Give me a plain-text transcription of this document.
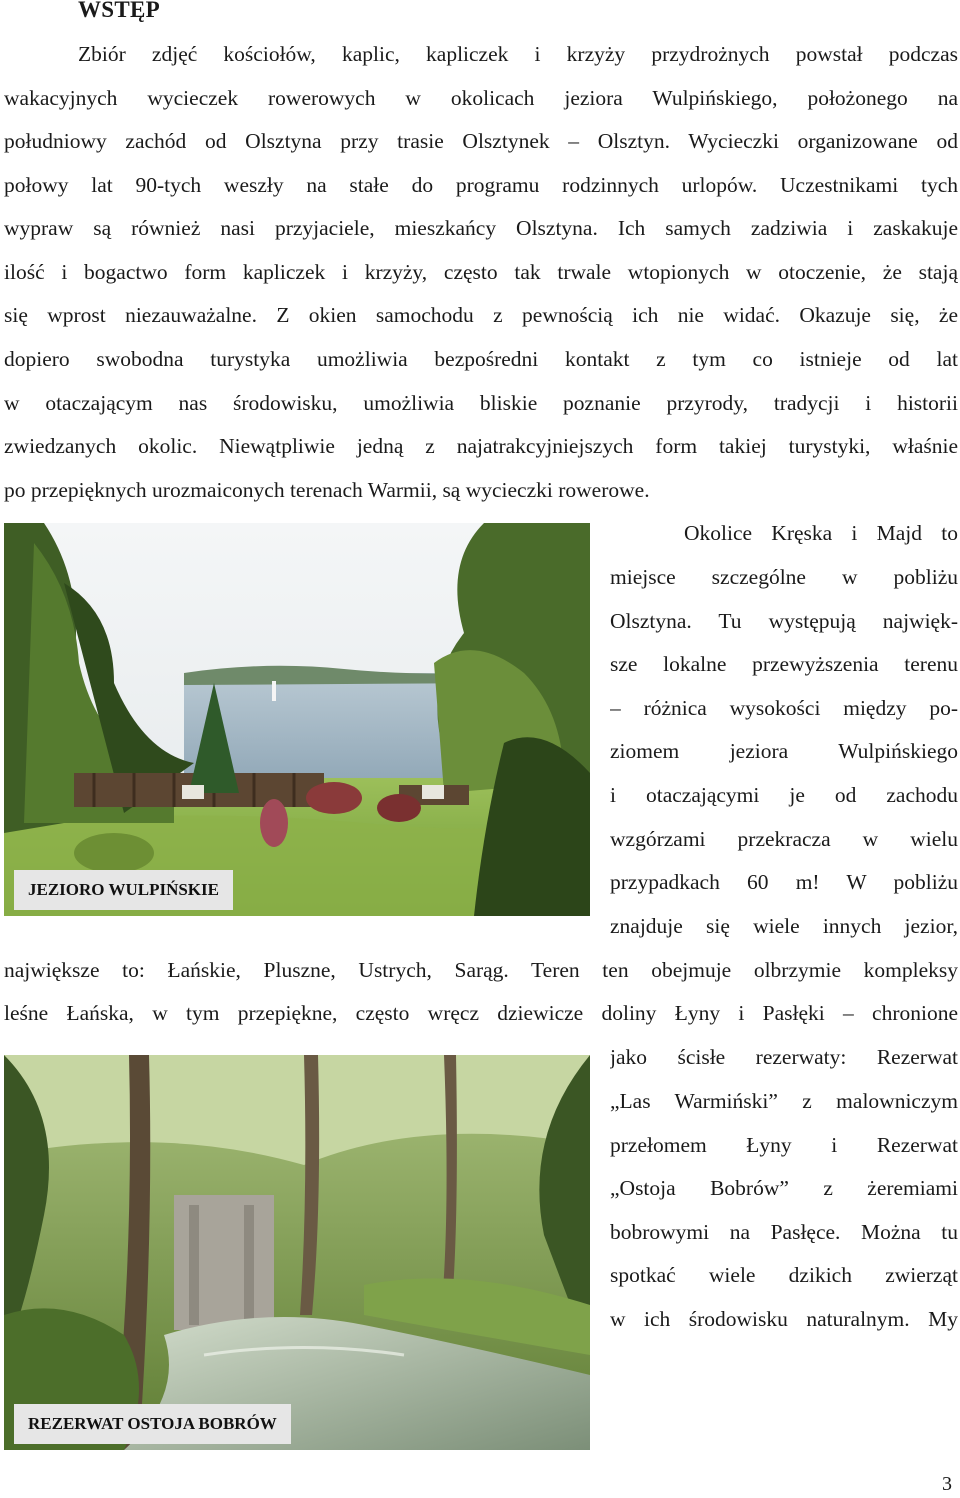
WSTĘP
Zbiór zdjęć kościołów, kaplic, kapliczek i krzyży przydrożnych powstał podczas
wakacyjnych wycieczek rowerowych w okolicach jeziora Wulpińskiego, położonego na
południowy zachód od Olsztyna przy trasie Olsztynek – Olsztyn. Wycieczki organizowane od
połowy lat 90-tych weszły na stałe do programu rodzinnych urlopów. Uczestnikami tych
wypraw są również nasi przyjaciele, mieszkańcy Olsztyna. Ich samych zadziwia i zaskakuje
ilość i bogactwo form kapliczek i krzyży, często tak trwale wtopionych w otoczenie, że stają
się wprost niezauważalne. Z okien samochodu z pewnością ich nie widać. Okazuje się, że
dopiero swobodna turystyka umożliwia bezpośredni kontakt z tym co istnieje od lat
w otaczającym nas środowisku, umożliwia bliskie poznanie przyrody, tradycji i historii
zwiedzanych okolic. Niewątpliwie jedną z najatrakcyjniejszych form takiej turystyki, właśnie
po przepięknych urozmaiconych terenach Warmii, są wycieczki rowerowe.
JEZIORO WULPIŃSKIE
Okolice Kręska i Majd to
miejsce szczególne w pobliżu
Olsztyna. Tu występują najwięk-
sze lokalne przewyższenia terenu
– różnica wysokości między po-
ziomem jeziora Wulpińskiego
i otaczającymi je od zachodu
wzgórzami przekracza w wielu
przypadkach 60 m! W pobliżu
znajduje się wiele innych jezior,
największe to: Łańskie, Pluszne, Ustrych, Sarąg. Teren ten obejmuje olbrzymie kompleksy
leśne Łańska, w tym przepiękne, często wręcz dziewicze doliny Łyny i Pasłęki – chronione
REZERWAT OSTOJA BOBRÓW
jako ścisłe rezerwaty: Rezerwat
„Las Warmiński” z malowniczym
przełomem Łyny i Rezerwat
„Ostoja Bobrów” z żeremiami
bobrowymi na Pasłęce. Można tu
spotkać wiele dzikich zwierząt
w ich środowisku naturalnym. My
3
